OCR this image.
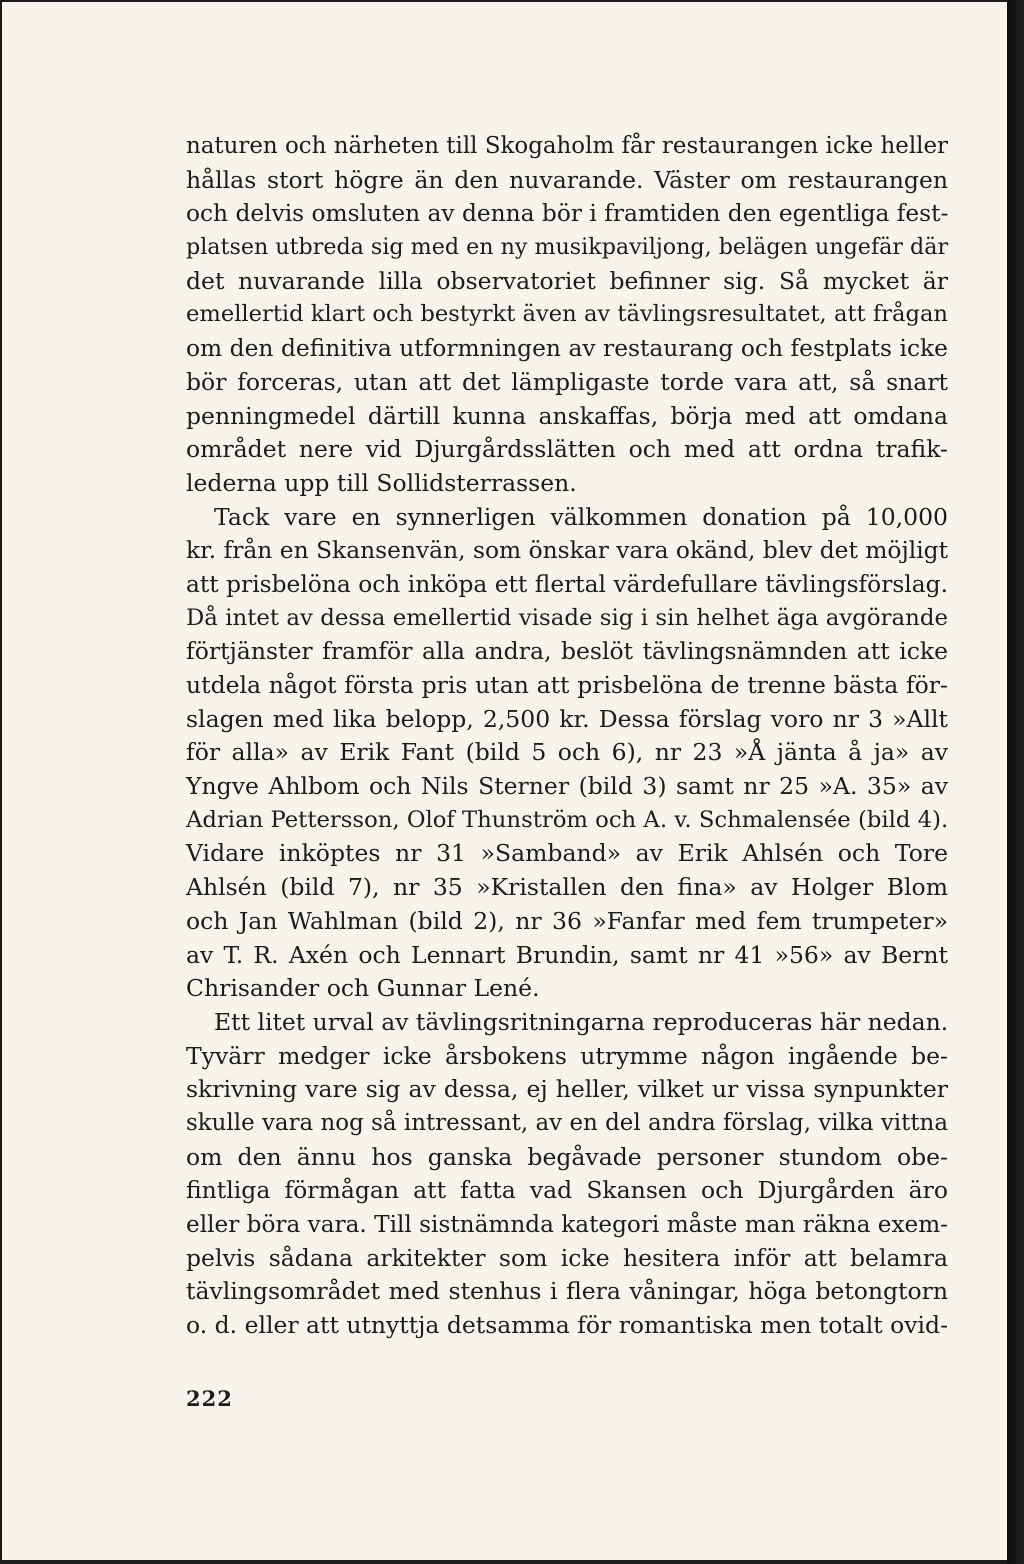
naturen och närheten till Skogaholm får restaurangen icke heller
hållas stort högre än den nuvarande. Väster om restaurangen
och delvis omsluten av denna bör i framtiden den egentliga fest-
platsen utbreda sig med en ny musikpaviljong, belägen ungefär där
det nuvarande lilla observatoriet befinner sig. Så mycket är
emellertid klart och bestyrkt även av tävlingsresultatet, att frågan
om den definitiva utformningen av restaurang och festplats icke
bör forceras, utan att det lämpligaste torde vara att, så snart
penningmedel därtill kunna anskaffas, börja med att omdana
området nere vid Djurgårdsslätten och med att ordna trafik-
lederna upp till Sollidsterrassen.

Tack vare en synnerligen välkommen donation på 10,000
kr. från en Skansenvän, som önskar vara okänd, blev det möjligt
att prisbelöna och inköpa ett flertal värdefullare tävlingsförslag.
Då intet av dessa emellertid visade sig i sin helhet äga avgörande
förtjänster framför alla andra, beslöt tävlingsnämnden att icke
utdela något första pris utan att prisbelöna de trenne bästa för-
slagen med lika belopp, 2,500 kr. Dessa förslag voro nr 3 »Allt
för alla» av Erik Fant (bild 5 och 6), nr 23 »Å jänta å ja» av
Yngve Ahlbom och Nils Sterner (bild 3) samt nr 25 »A. 35» av
Adrian Pettersson, Olof Thunström och A. v. Schmalensée (bild 4).
Vidare inköptes nr 31 »Samband» av Erik Ahlsén och Tore
Ahlsén (bild 7), nr 35 »Kristallen den fina» av Holger Blom
och Jan Wahlman (bild 2), nr 36 »Fanfar med fem trumpeter»
av T. R. Axén och Lennart Brundin, samt nr 41 »56» av Bernt
Chrisander och Gunnar Lené.

Ett litet urval av tävlingsritningarna reproduceras här nedan.
Tyvärr medger icke årsbokens utrymme någon ingående be-
skrivning vare sig av dessa, ej heller, vilket ur vissa synpunkter
skulle vara nog så intressant, av en del andra förslag, vilka vittna
om den ännu hos ganska begåvade personer stundom obe-
fintliga förmågan att fatta vad Skansen och Djurgården äro
eller böra vara. Till sistnämnda kategori måste man räkna exem-
pelvis sådana arkitekter som icke hesitera inför att belamra
tävlingsområdet med stenhus i flera våningar, höga betongtorn
o. d. eller att utnyttja detsamma för romantiska men totalt ovid-

222
